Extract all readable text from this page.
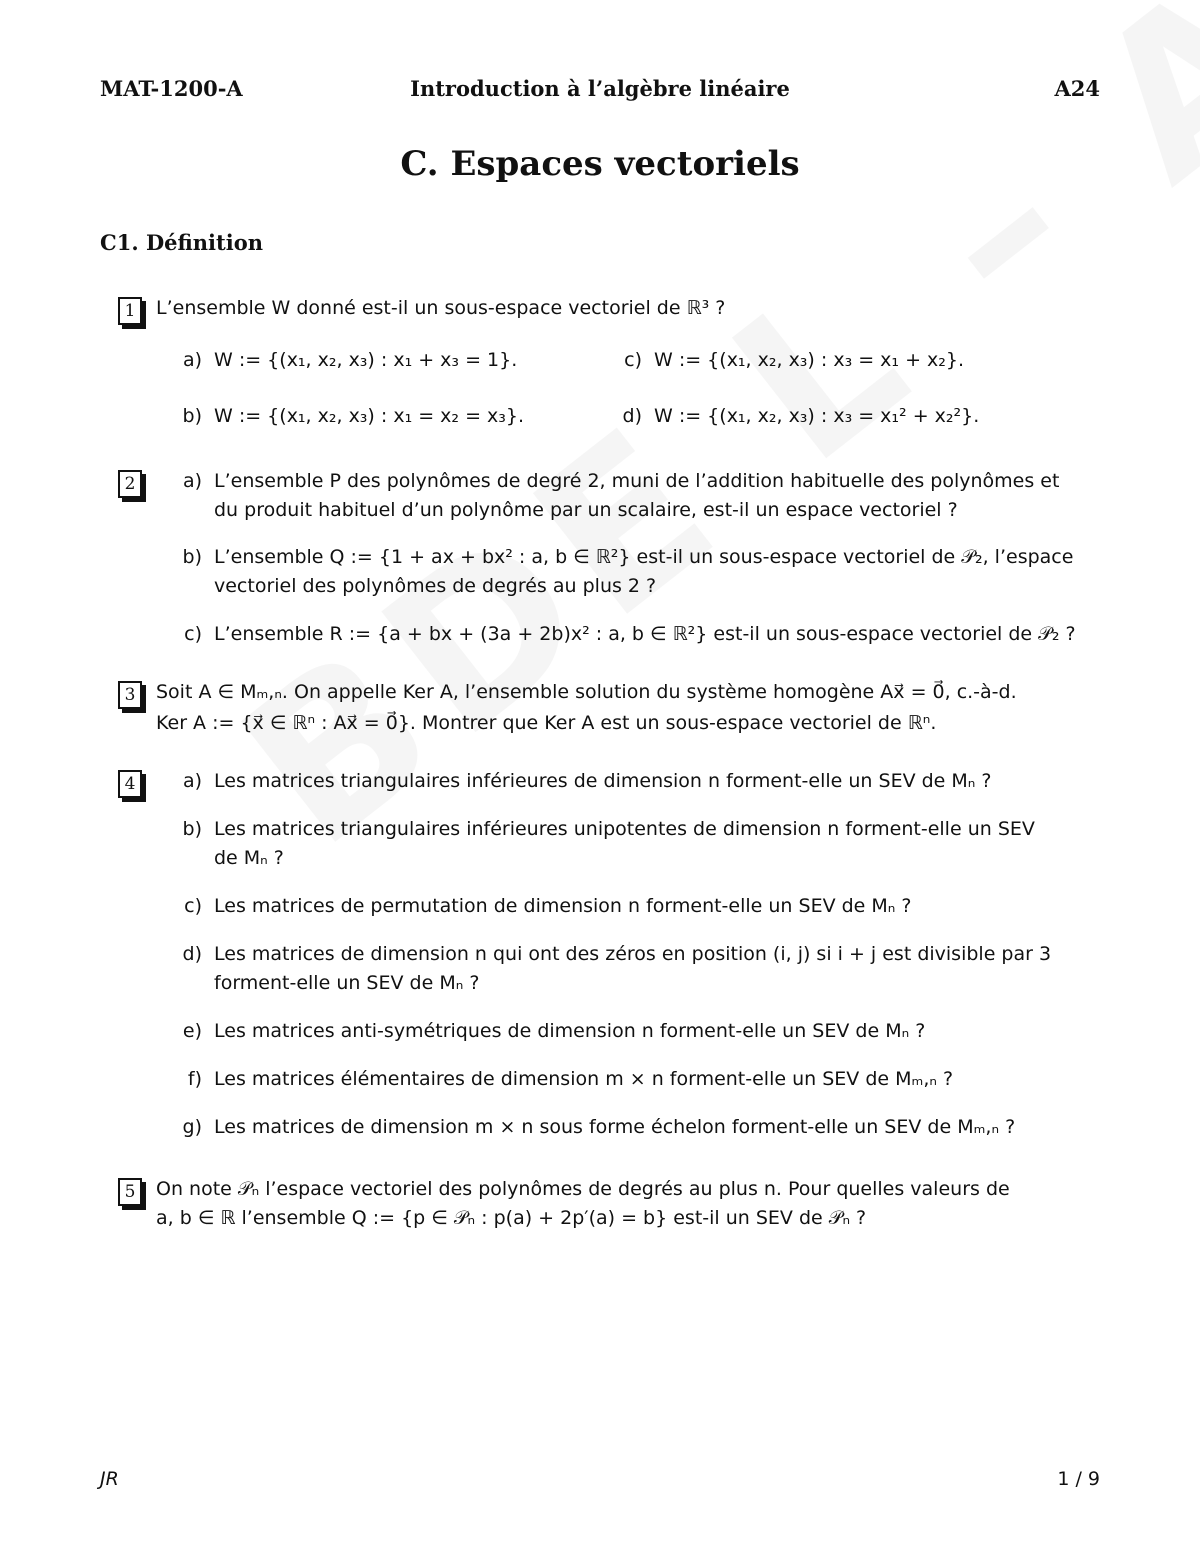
MAT-1200-A	Introduction à l’algèbre linéaire	A24
C. Espaces vectoriels
C1. Définition
1	L’ensemble W donné est-il un sous-espace vectoriel de ℝ³ ?
a) W := {(x₁, x₂, x₃) : x₁ + x₃ = 1}.	c) W := {(x₁, x₂, x₃) : x₃ = x₁ + x₂}.
b) W := {(x₁, x₂, x₃) : x₁ = x₂ = x₃}.	d) W := {(x₁, x₂, x₃) : x₃ = x₁² + x₂²}.
2	a) L’ensemble P des polynômes de degré 2, muni de l’addition habituelle des polynômes et
du produit habituel d’un polynôme par un scalaire, est-il un espace vectoriel ?
b) L’ensemble Q := {1 + ax + bx² : a, b ∈ ℝ²} est-il un sous-espace vectoriel de 𝒫₂, l’espace
vectoriel des polynômes de degrés au plus 2 ?
c) L’ensemble R := {a + bx + (3a + 2b)x² : a, b ∈ ℝ²} est-il un sous-espace vectoriel de 𝒫₂ ?
3	Soit A ∈ Mₘ,ₙ. On appelle Ker A, l’ensemble solution du système homogène Ax⃗ = 0⃗, c.-à-d.
Ker A := {x⃗ ∈ ℝⁿ : Ax⃗ = 0⃗}. Montrer que Ker A est un sous-espace vectoriel de ℝⁿ.
4	a) Les matrices triangulaires inférieures de dimension n forment-elle un SEV de Mₙ ?
b) Les matrices triangulaires inférieures unipotentes de dimension n forment-elle un SEV
de Mₙ ?
c) Les matrices de permutation de dimension n forment-elle un SEV de Mₙ ?
d) Les matrices de dimension n qui ont des zéros en position (i, j) si i + j est divisible par 3
forment-elle un SEV de Mₙ ?
e) Les matrices anti-symétriques de dimension n forment-elle un SEV de Mₙ ?
f) Les matrices élémentaires de dimension m × n forment-elle un SEV de Mₘ,ₙ ?
g) Les matrices de dimension m × n sous forme échelon forment-elle un SEV de Mₘ,ₙ ?
5	On note 𝒫ₙ l’espace vectoriel des polynômes de degrés au plus n. Pour quelles valeurs de
a, b ∈ ℝ l’ensemble Q := {p ∈ 𝒫ₙ : p(a) + 2p′(a) = b} est-il un SEV de 𝒫ₙ ?
JR	1 / 9
